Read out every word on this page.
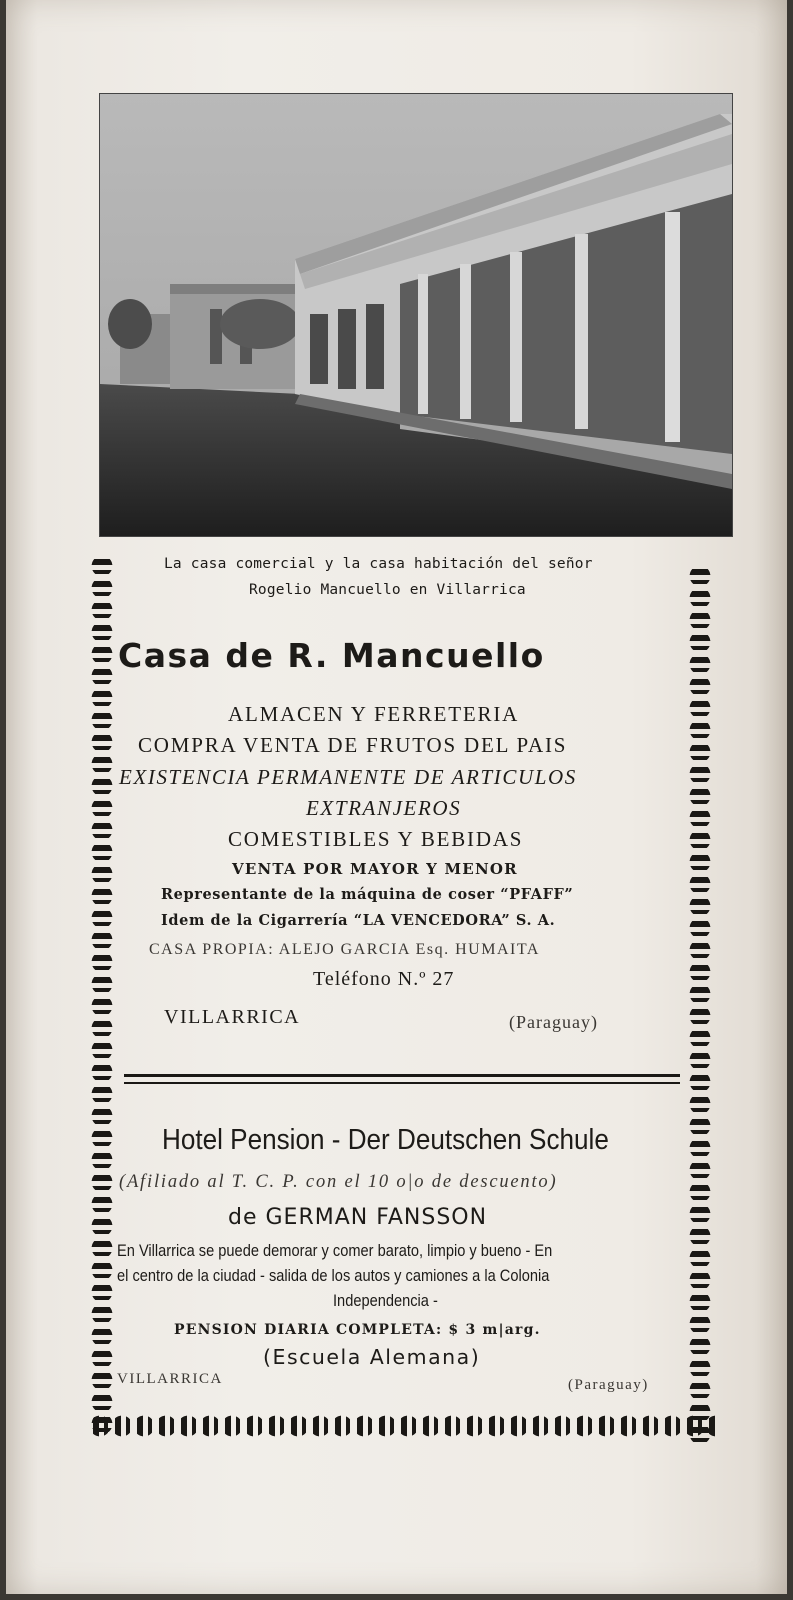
La casa comercial y la casa habitación del señor
Rogelio Mancuello en Villarrica
Casa de R. Mancuello
ALMACEN Y FERRETERIA
COMPRA VENTA DE FRUTOS DEL PAIS
EXISTENCIA PERMANENTE DE ARTICULOS
EXTRANJEROS
COMESTIBLES Y BEBIDAS
VENTA POR MAYOR Y MENOR
Representante de la máquina de coser “PFAFF”
Idem de la Cigarrería “LA VENCEDORA” S. A.
CASA PROPIA: ALEJO GARCIA Esq. HUMAITA
Teléfono N.º 27
VILLARRICA	(Paraguay)
Hotel Pension - Der Deutschen Schule
(Afiliado al T. C. P. con el 10 o|o de descuento)
de GERMAN FANSSON
En Villarrica se puede demorar y comer barato, limpio y bueno - En
el centro de la ciudad - salida de los autos y camiones a la Colonia
Independencia -
PENSION DIARIA COMPLETA: $ 3 m|arg.
(Escuela Alemana)
VILLARRICA	(Paraguay)
